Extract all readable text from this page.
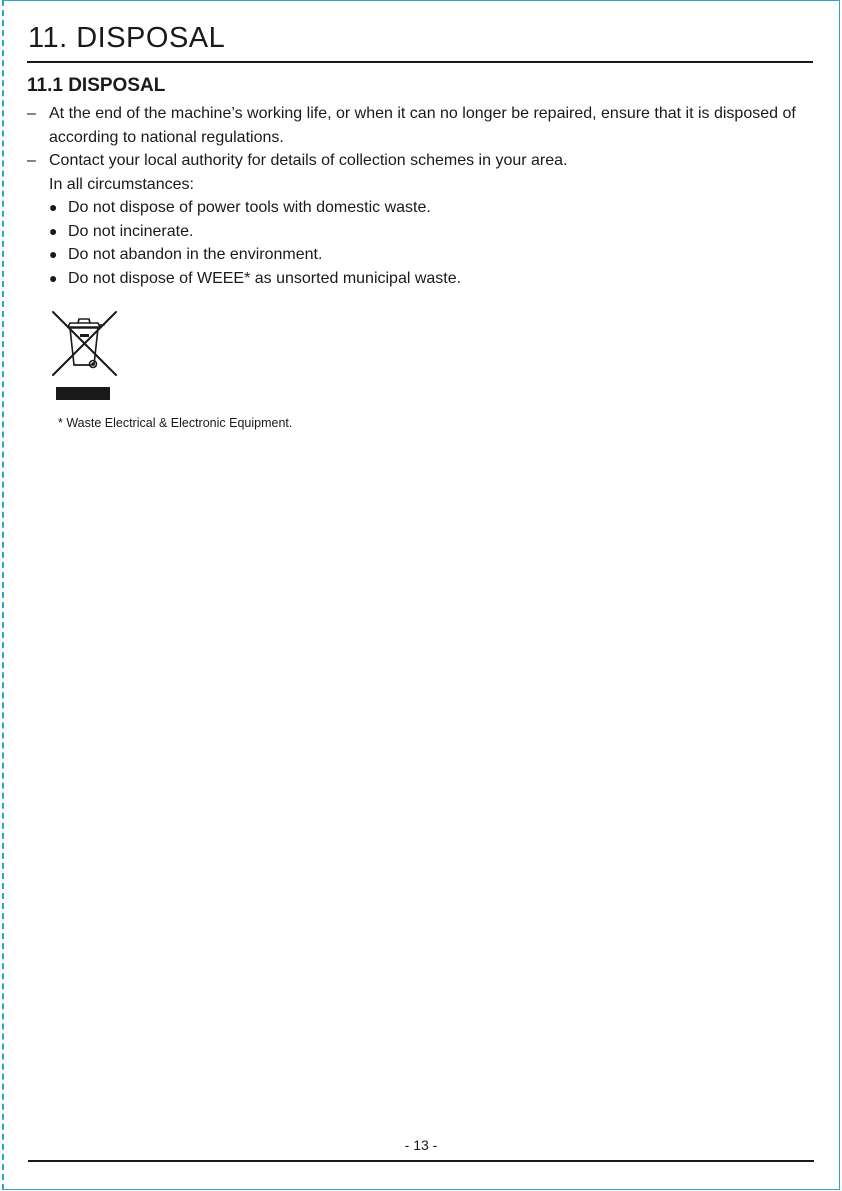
11. DISPOSAL
11.1 DISPOSAL
– At the end of the machine’s working life, or when it can no longer be repaired, ensure that it is disposed of according to national regulations.
– Contact your local authority for details of collection schemes in your area.
In all circumstances:
● Do not dispose of power tools with domestic waste.
● Do not incinerate.
● Do not abandon in the environment.
● Do not dispose of WEEE* as unsorted municipal waste.
* Waste Electrical & Electronic Equipment.
- 13 -
